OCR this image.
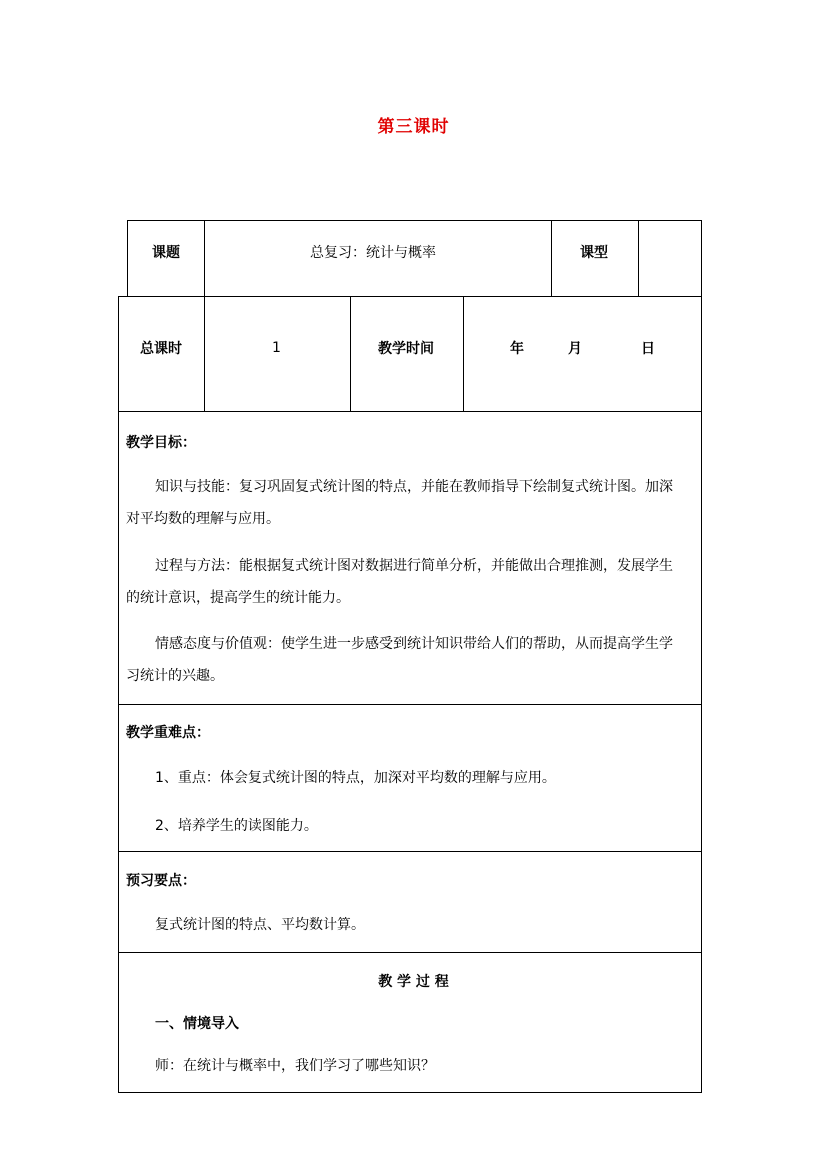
第三课时
课题	总复习：统计与概率	课型
总课时	1	教学时间	年	月	日
教学目标：
知识与技能：复习巩固复式统计图的特点，并能在教师指导下绘制复式统计图。加深
对平均数的理解与应用。
过程与方法：能根据复式统计图对数据进行简单分析，并能做出合理推测，发展学生
的统计意识，提高学生的统计能力。
情感态度与价值观：使学生进一步感受到统计知识带给人们的帮助，从而提高学生学
习统计的兴趣。
教学重难点：
1、重点：体会复式统计图的特点，加深对平均数的理解与应用。
2、培养学生的读图能力。
预习要点：
复式统计图的特点、平均数计算。
教 学 过 程
一、情境导入
师：在统计与概率中，我们学习了哪些知识？
